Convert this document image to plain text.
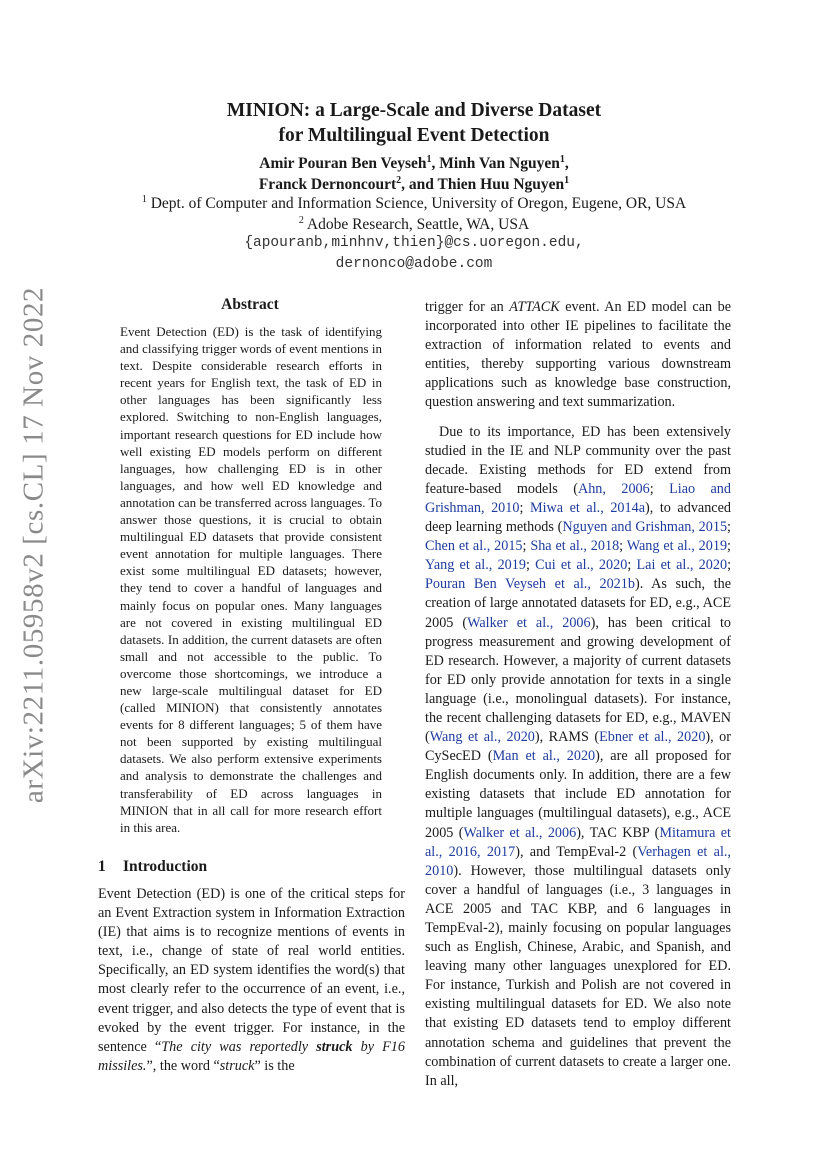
arXiv:2211.05958v2 [cs.CL] 17 Nov 2022
MINION: a Large-Scale and Diverse Dataset
for Multilingual Event Detection
Amir Pouran Ben Veyseh$^1$, Minh Van Nguyen$^1$,
Franck Dernoncourt$^2$, and Thien Huu Nguyen$^1$
$^1$ Dept. of Computer and Information Science, University of Oregon, Eugene, OR, USA
$^2$ Adobe Research, Seattle, WA, USA
{apouranb,minhnv,thien}@cs.uoregon.edu,
dernonco@adobe.com
Abstract
Event Detection (ED) is the task of identifying and classifying trigger words of event mentions in text. Despite considerable research efforts in recent years for English text, the task of ED in other languages has been significantly less explored. Switching to non-English languages, important research questions for ED include how well existing ED models perform on different languages, how challenging ED is in other languages, and how well ED knowledge and annotation can be transferred across languages. To answer those questions, it is crucial to obtain multilingual ED datasets that provide consistent event annotation for multiple languages. There exist some multilingual ED datasets; however, they tend to cover a handful of languages and mainly focus on popular ones. Many languages are not covered in existing multilingual ED datasets. In addition, the current datasets are often small and not accessible to the public. To overcome those shortcomings, we introduce a new large-scale multilingual dataset for ED (called MINION) that consistently annotates events for 8 different languages; 5 of them have not been supported by existing multilingual datasets. We also perform extensive experiments and analysis to demonstrate the challenges and transferability of ED across languages in MINION that in all call for more research effort in this area.
1 Introduction

Event Detection (ED) is one of the critical steps for an Event Extraction system in Information Extraction (IE) that aims is to recognize mentions of events in text, i.e., change of state of real world entities. Specifically, an ED system identifies the word(s) that most clearly refer to the occurrence of an event, i.e., event trigger, and also detects the type of event that is evoked by the event trigger. For instance, in the sentence “The city was reportedly struck by F16 missiles.”, the word “struck” is the

trigger for an ATTACK event. An ED model can be incorporated into other IE pipelines to facilitate the extraction of information related to events and entities, thereby supporting various downstream applications such as knowledge base construction, question answering and text summarization.

Due to its importance, ED has been extensively studied in the IE and NLP community over the past decade. Existing methods for ED extend from feature-based models (Ahn, 2006; Liao and Grishman, 2010; Miwa et al., 2014a), to advanced deep learning methods (Nguyen and Grishman, 2015; Chen et al., 2015; Sha et al., 2018; Wang et al., 2019; Yang et al., 2019; Cui et al., 2020; Lai et al., 2020; Pouran Ben Veyseh et al., 2021b). As such, the creation of large annotated datasets for ED, e.g., ACE 2005 (Walker et al., 2006), has been critical to progress measurement and growing development of ED research. However, a majority of current datasets for ED only provide annotation for texts in a single language (i.e., monolingual datasets). For instance, the recent challenging datasets for ED, e.g., MAVEN (Wang et al., 2020), RAMS (Ebner et al., 2020), or CySecED (Man et al., 2020), are all proposed for English documents only. In addition, there are a few existing datasets that include ED annotation for multiple languages (multilingual datasets), e.g., ACE 2005 (Walker et al., 2006), TAC KBP (Mitamura et al., 2016, 2017), and TempEval-2 (Verhagen et al., 2010). However, those multilingual datasets only cover a handful of languages (i.e., 3 languages in ACE 2005 and TAC KBP, and 6 languages in TempEval-2), mainly focusing on popular languages such as English, Chinese, Arabic, and Spanish, and leaving many other languages unexplored for ED. For instance, Turkish and Polish are not covered in existing multilingual datasets for ED. We also note that existing ED datasets tend to employ different annotation schema and guidelines that prevent the combination of current datasets to create a larger one. In all,
